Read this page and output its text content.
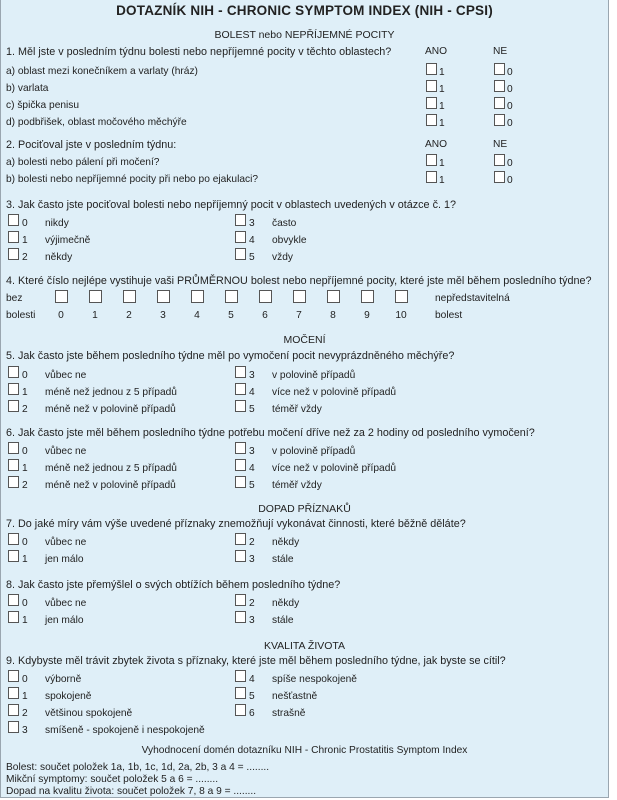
DOTAZNÍK NIH - CHRONIC SYMPTOM INDEX (NIH - CPSI)
BOLEST nebo NEPŘÍJEMNÉ POCITY
1. Měl jste v posledním týdnu bolesti nebo nepříjemné pocity v těchto oblastech?	ANO	NE
2. Pociťoval jste v posledním týdnu:	ANO	NE
3. Jak často jste pociťoval bolesti nebo nepříjemný pocit v oblastech uvedených v otázce č. 1?
4. Které číslo nejlépe vystihuje vaši PRŮMĚRNOU bolest nebo nepříjemné pocity, které jste měl během posledního týdne?
bez
bolesti
nepředstavitelná
bolest
MOČENÍ
5. Jak často jste během posledního týdne měl po vymočení pocit nevyprázdněného měchýře?
6. Jak často jste měl během posledního týdne potřebu močení dříve než za 2 hodiny od posledního vymočení?
DOPAD PŘÍZNAKŮ
7. Do jaké míry vám výše uvedené příznaky znemožňují vykonávat činnosti, které běžně děláte?
8. Jak často jste přemýšlel o svých obtížích během posledního týdne?
KVALITA ŽIVOTA
9. Kdybyste měl trávit zbytek života s příznaky, které jste měl během posledního týdne, jak byste se cítil?
Vyhodnocení domén dotazníku NIH - Chronic Prostatitis Symptom Index
Bolest: součet položek 1a, 1b, 1c, 1d, 2a, 2b, 3 a 4 = ........
Mikční symptomy: součet položek 5 a 6 = ........
Dopad na kvalitu života: součet položek 7, 8 a 9 = ........
a) oblast mezi konečníkem a varlaty (hráz)	1	0
b) varlata	1	0
c) špička penisu	1	0
d) podbřišek, oblast močového měchýře	1	0
a) bolesti nebo pálení při močení?	1	0
b) bolesti nebo nepříjemné pocity při nebo po ejakulaci?	1	0
0 nikdy	3 často
1 výjimečně	4 obvykle
2 někdy	5 vždy
0 vůbec ne	3 v polovině případů
1 méně než jednou z 5 případů	4 více než v polovině případů
2 méně než v polovině případů	5 téměř vždy
0 vůbec ne	3 v polovině případů
1 méně než jednou z 5 případů	4 více než v polovině případů
2 méně než v polovině případů	5 téměř vždy
0 vůbec ne	2 někdy
1 jen málo	3 stále
0 vůbec ne	2 někdy
1 jen málo	3 stále
0 výborně	4 spíše nespokojeně
1 spokojeně	5 nešťastně
2 většinou spokojeně	6 strašně
3 smíšeně - spokojeně i nespokojeně
0	1	2	3	4	5	6	7	8	9	10
